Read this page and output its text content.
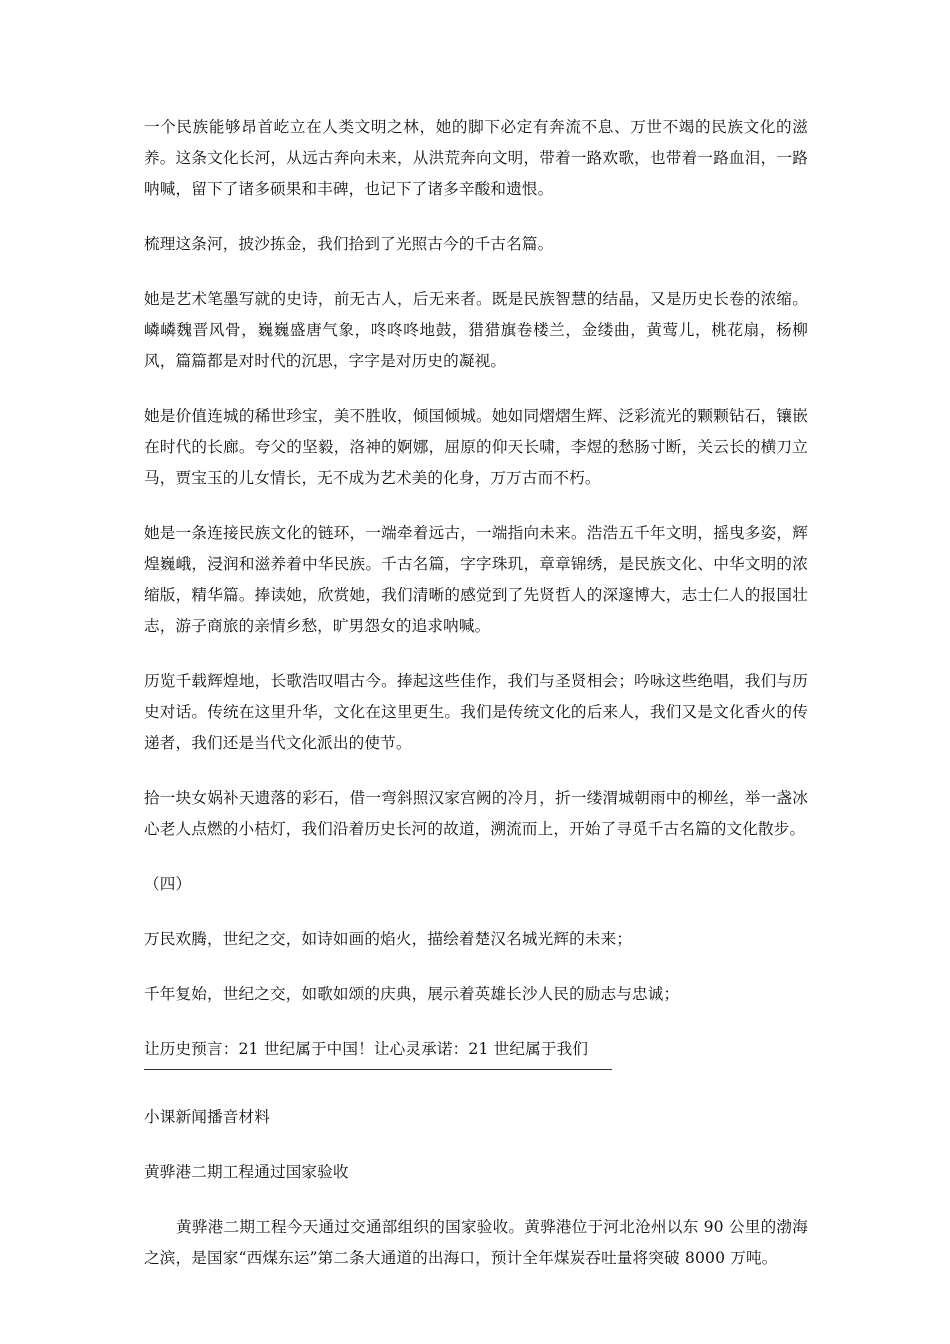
一个民族能够昂首屹立在人类文明之林，她的脚下必定有奔流不息、万世不竭的民族文化的滋养。这条文化长河，从远古奔向未来，从洪荒奔向文明，带着一路欢歌，也带着一路血泪，一路呐喊，留下了诸多硕果和丰碑，也记下了诸多辛酸和遗恨。

梳理这条河，披沙拣金，我们拾到了光照古今的千古名篇。

她是艺术笔墨写就的史诗，前无古人，后无来者。既是民族智慧的结晶，又是历史长卷的浓缩。嶙嶙魏晋风骨，巍巍盛唐气象，咚咚咚地鼓，猎猎旗卷楼兰，金缕曲，黄莺儿，桃花扇，杨柳风，篇篇都是对时代的沉思，字字是对历史的凝视。

她是价值连城的稀世珍宝，美不胜收，倾国倾城。她如同熠熠生辉、泛彩流光的颗颗钻石，镶嵌在时代的长廊。夸父的坚毅，洛神的婀娜，屈原的仰天长啸，李煜的愁肠寸断，关云长的横刀立马，贾宝玉的儿女情长，无不成为艺术美的化身，万万古而不朽。

她是一条连接民族文化的链环，一端牵着远古，一端指向未来。浩浩五千年文明，摇曳多姿，辉煌巍峨，浸润和滋养着中华民族。千古名篇，字字珠玑，章章锦绣，是民族文化、中华文明的浓缩版，精华篇。捧读她，欣赏她，我们清晰的感觉到了先贤哲人的深邃博大，志士仁人的报国壮志，游子商旅的亲情乡愁，旷男怨女的追求呐喊。

历览千载辉煌地，长歌浩叹唱古今。捧起这些佳作，我们与圣贤相会；吟咏这些绝唱，我们与历史对话。传统在这里升华，文化在这里更生。我们是传统文化的后来人，我们又是文化香火的传递者，我们还是当代文化派出的使节。

拾一块女娲补天遗落的彩石，借一弯斜照汉家宫阙的冷月，折一缕渭城朝雨中的柳丝，举一盏冰心老人点燃的小桔灯，我们沿着历史长河的故道，溯流而上，开始了寻觅千古名篇的文化散步。

（四）

万民欢腾，世纪之交，如诗如画的焰火，描绘着楚汉名城光辉的未来；

千年复始，世纪之交，如歌如颂的庆典，展示着英雄长沙人民的励志与忠诚；

让历史预言：21 世纪属于中国！让心灵承诺：21 世纪属于我们

小课新闻播音材料

黄骅港二期工程通过国家验收

黄骅港二期工程今天通过交通部组织的国家验收。黄骅港位于河北沧州以东 90 公里的渤海之滨，是国家“西煤东运”第二条大通道的出海口，预计全年煤炭吞吐量将突破 8000 万吨。
